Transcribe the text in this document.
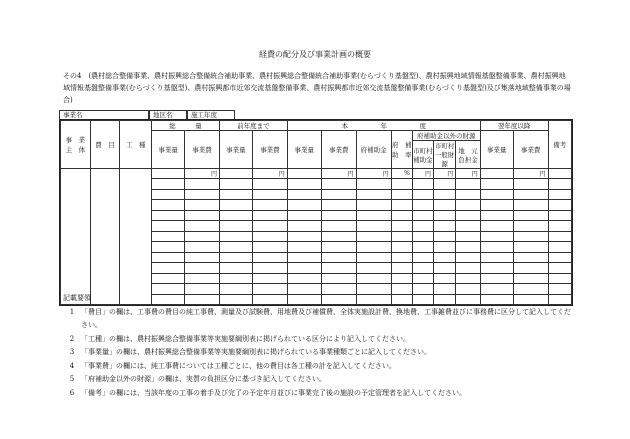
経費の配分及び事業計画の概要
その4　(農村総合整備事業、農村振興総合整備統合補助事業、農村振興総合整備統合補助事業(むらづくり基盤型)、農村振興地域情報基盤整備事業、農村振興地域情報基盤整備事業(むらづくり基盤型)、農村振興都市近郊交流基盤整備事業、農村振興都市近郊交流基盤整備事業(むらづくり基盤型)及び集落地域整備事業の場合)
事業名	地区名	施工年度
事　業　主　体	費　目	工　種	総　　　量		前年度まで		本　　　　　年　　　　　度							翌年度以降		備考
			事業量	事業費	事業量	事業費	事業量	事業費	府補助金	府　補　助　率	府補助金以外の財源			事業量	事業費	
											市町村補助金	市町村一般財源	地　元負担金			
				円		円		円	円	%	円	円	円		円	

記載要領
1 「費目」の欄は、工事費の費目の純工事費、測量及び試験費、用地費及び補償費、全体実施設計費、換地費、工事雑費並びに事務費に区分して記入してください。
2 「工種」の欄は、農村振興総合整備事業等実施要綱別表に掲げられている区分により記入してください。
3 「事業量」の欄は、農村振興総合整備事業等実施要綱別表に掲げられている事業種類ごとに記入してください。
4 「事業費」の欄には、純工事費については工種ごとに、他の費目は各工種の計を記入してください。
5 「府補助金以外の財源」の欄は、実質の負担区分に基づき記入してください。
6 「備考」の欄には、当該年度の工事の着手及び完了の予定年月並びに事業完了後の施設の予定管理者を記入してください。
